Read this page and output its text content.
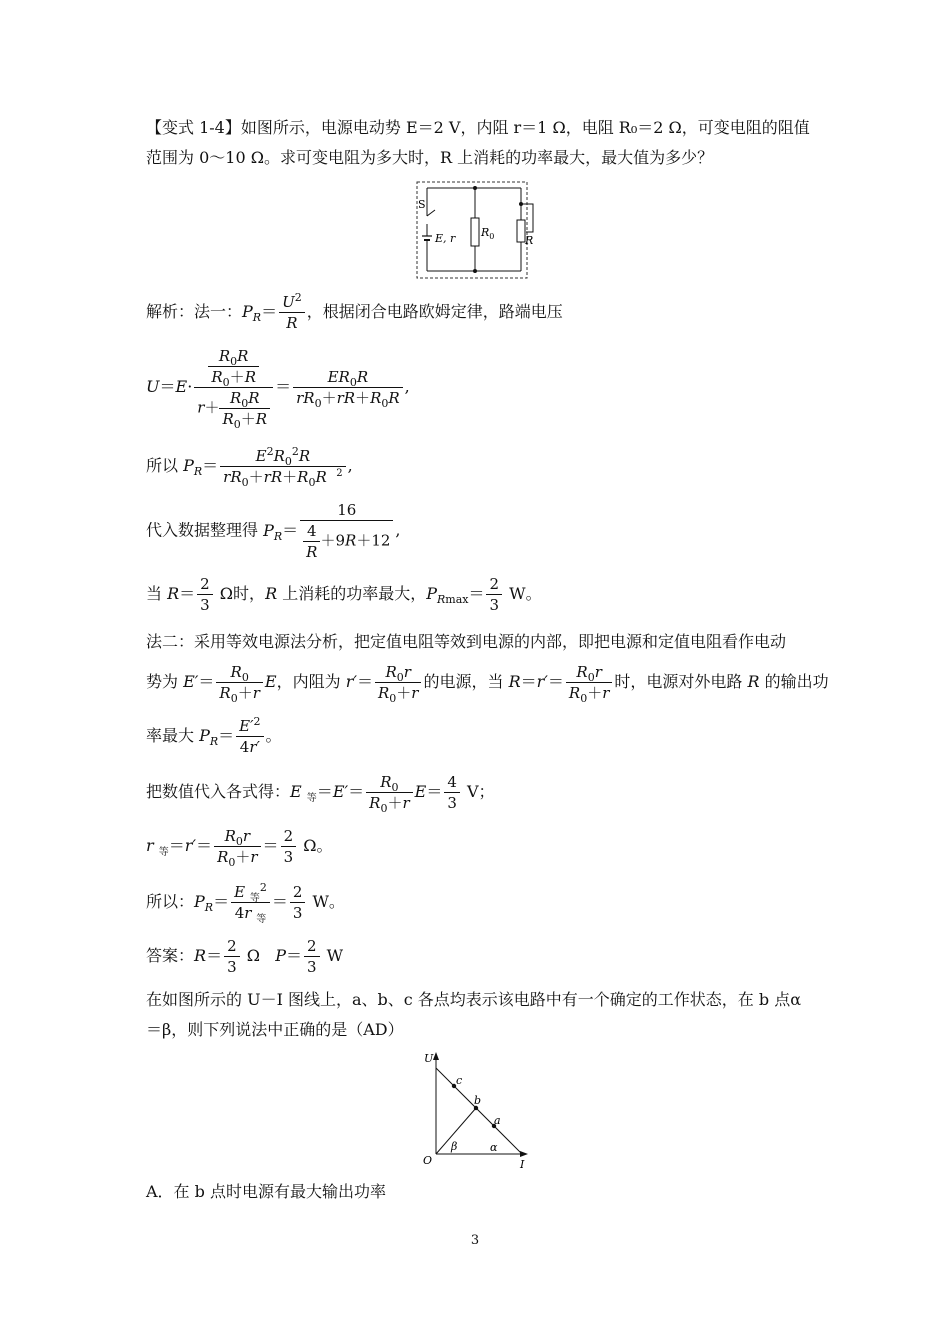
【变式 1-4】如图所示，电源电动势 E＝2 V，内阻 r＝1 Ω，电阻 R₀＝2 Ω，可变电阻的阻值
范围为 0～10 Ω。求可变电阻为多大时，R 上消耗的功率最大，最大值为多少？
S
E, r $R_0$	R
解析：法一：$P_R= \frac{U^2}{R}$ ，根据闭合电路欧姆定律，路端电压
$U=E\cdot \frac{\frac{R_0R}{R_0+R}}{r+ \frac{R_0R}{R_0+R}} = \frac{ER_0R}{rR_0+rR+R_0R}$ ,
所以 $P_R= \frac{E^2R_0^2R}{rR_0+rR+R_0R ^2}$ ,
代入数据整理得 $P_R= \frac{16}{\frac{4}{R} +9R+12}$ ,
当 $R= \frac{2}{3}$ Ω时，R 上消耗的功率最大，$P_{Rmax}= \frac{2}{3}$ W。
法二：采用等效电源法分析，把定值电阻等效到电源的内部，即把电源和定值电阻看作电动
势为 $E'= \frac{R_0}{R_0+r}$ E，内阻为 $r'= \frac{R_0r}{R_0+r}$ 的电源，当 $R=r'= \frac{R_0r}{R_0+r}$ 时，电源对外电路 R 的输出功
率最大 $P_R= \frac{E'^2}{4r'}$ 。
把数值代入各式得：E $_等=E'= \frac{R_0}{R_0+r} E= \frac{4}{3}$ V；
r $_等=r'= \frac{R_0r}{R_0+r} = \frac{2}{3}$ Ω。
所以：$P_R= \frac{E _等^2}{4r _等} = \frac{2}{3}$ W。
答案：$R= \frac{2}{3}$ Ω   $P= \frac{2}{3}$ W
在如图所示的 U－I 图线上，a、b、c 各点均表示该电路中有一个确定的工作状态，在 b 点α
＝β，则下列说法中正确的是（AD）
U
I
O
c
b
a
β	α
A．在 b 点时电源有最大输出功率
3
